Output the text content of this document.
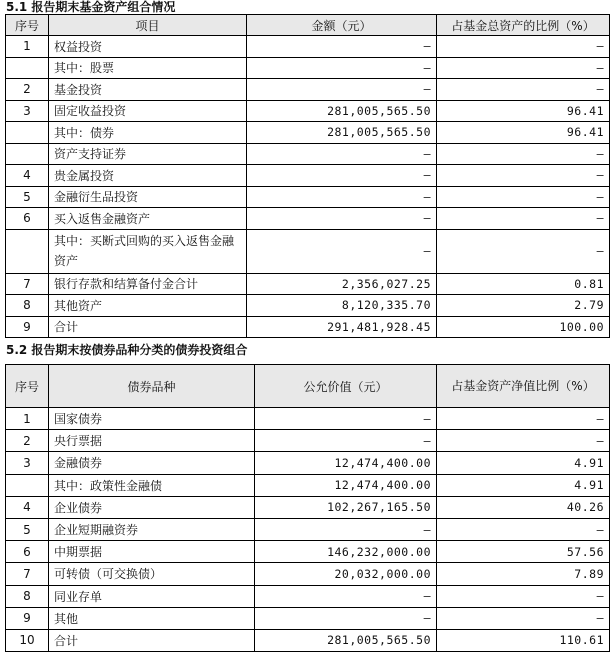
5.1 报告期末基金资产组合情况
序号	项目	金额（元）	占基金总资产的比例（%）
1	权益投资	–	–
	其中：股票	–	–
2	基金投资	–	–
3	固定收益投资	281,005,565.50	96.41
	其中：债券	281,005,565.50	96.41
	资产支持证券	–	–
4	贵金属投资	–	–
5	金融衍生品投资	–	–
6	买入返售金融资产	–	–
	其中：买断式回购的买入返售金融资产	–	–
7	银行存款和结算备付金合计	2,356,027.25	0.81
8	其他资产	8,120,335.70	2.79
9	合计	291,481,928.45	100.00
5.2 报告期末按债券品种分类的债券投资组合
序号	债券品种	公允价值（元）	占基金资产净值比例（%）
1	国家债券	–	–
2	央行票据	–	–
3	金融债券	12,474,400.00	4.91
	其中：政策性金融债	12,474,400.00	4.91
4	企业债券	102,267,165.50	40.26
5	企业短期融资券	–	–
6	中期票据	146,232,000.00	57.56
7	可转债（可交换债）	20,032,000.00	7.89
8	同业存单	–	–
9	其他	–	–
10	合计	281,005,565.50	110.61
